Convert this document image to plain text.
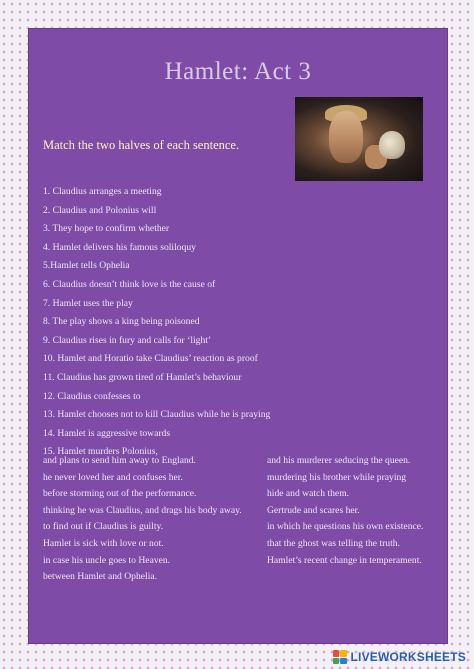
Hamlet: Act 3
Match the two halves of each sentence.
1. Claudius arranges a meeting
2. Claudius and Polonius will
3. They hope to confirm whether
4. Hamlet delivers his famous soliloquy
5.Hamlet tells Ophelia
6. Claudius doesn’t think love is the cause of
7. Hamlet uses the play
8. The play shows a king being poisoned
9. Claudius rises in fury and calls for ‘light’
10. Hamlet and Horatio take Claudius’ reaction as proof
11. Claudius has grown tired of Hamlet’s behaviour
12. Claudius confesses to
13. Hamlet chooses not to kill Claudius while he is praying
14. Hamlet is aggressive towards
15. Hamlet murders Polonius,
and plans to send him away to England.
he never loved her and confuses her.
before storming out of the performance.
thinking he was Claudius, and drags his body away.
to find out if Claudius is guilty.
Hamlet is sick with love or not.
in case his uncle goes to Heaven.
between Hamlet and Ophelia.
and his murderer seducing the queen.
murdering his brother while praying
hide and watch them.
Gertrude and scares her.
in which he questions his own existence.
that the ghost was telling the truth.
Hamlet’s recent change in temperament.
LIVEWORKSHEETS
